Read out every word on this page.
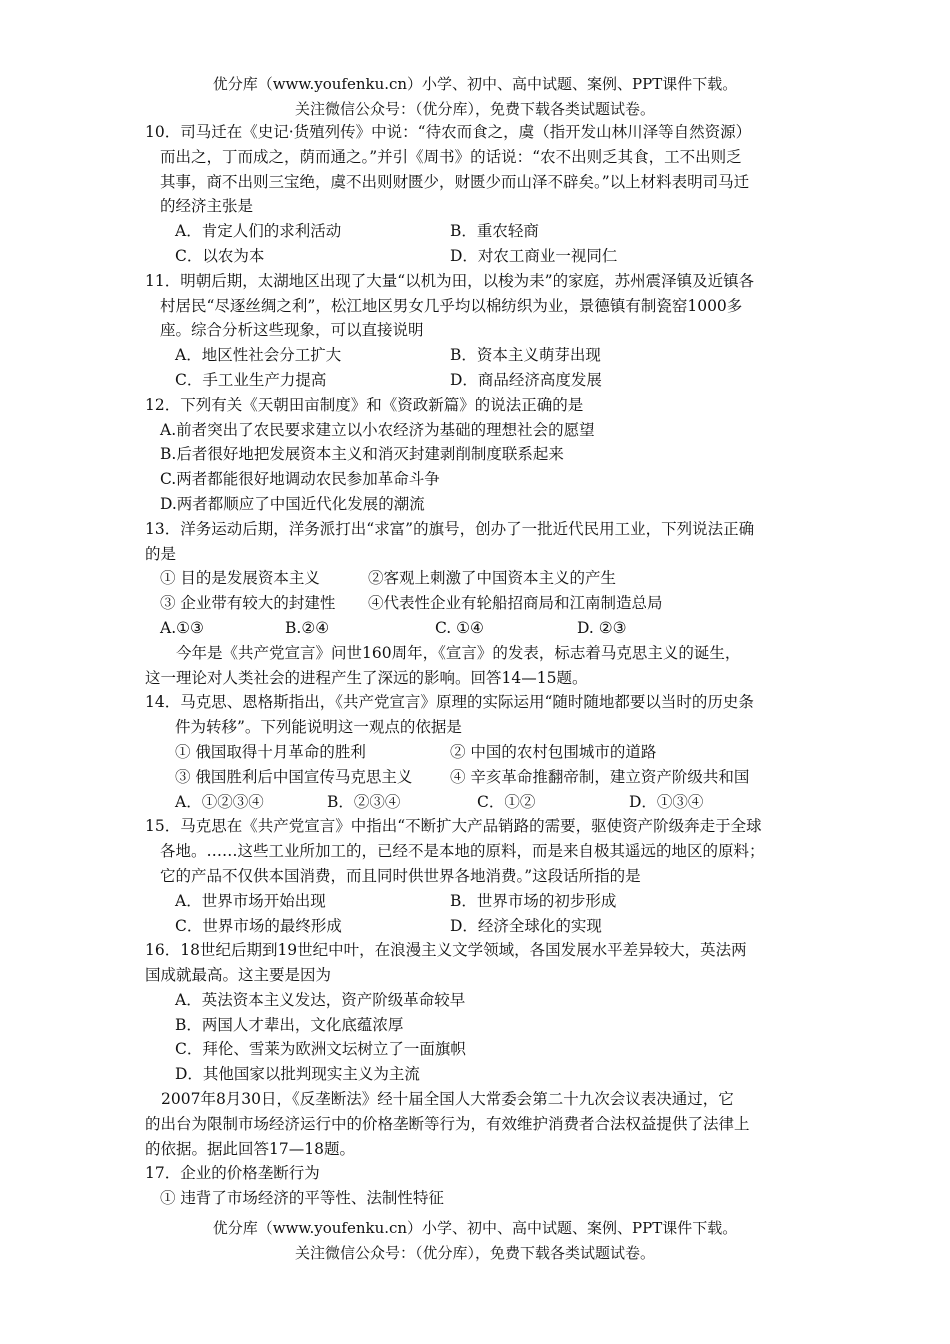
优分库（www.youfenku.cn）小学、初中、高中试题、案例、PPT课件下载。
关注微信公众号：（优分库），免费下载各类试题试卷。

10．司马迁在《史记·货殖列传》中说：“待农而食之，虞（指开发山林川泽等自然资源）

而出之，丁而成之，荫而通之。”并引《周书》的话说：“农不出则乏其食，工不出则乏

其事，商不出则三宝绝，虞不出则财匮少，财匮少而山泽不辟矣。”以上材料表明司马迁

的经济主张是

A．肯定人们的求利活动	B．重农轻商
C．以农为本	D．对农工商业一视同仁

11．明朝后期，太湖地区出现了大量“以机为田，以梭为耒”的家庭，苏州震泽镇及近镇各

村居民“尽逐丝绸之利”，松江地区男女几乎均以棉纺织为业，景德镇有制瓷窑1000多

座。综合分析这些现象，可以直接说明

A．地区性社会分工扩大	B．资本主义萌芽出现
C．手工业生产力提高	D．商品经济高度发展

12．下列有关《天朝田亩制度》和《资政新篇》的说法正确的是

A.前者突出了农民要求建立以小农经济为基础的理想社会的愿望

B.后者很好地把发展资本主义和消灭封建剥削制度联系起来

C.两者都能很好地调动农民参加革命斗争

D.两者都顺应了中国近代化发展的潮流

13．洋务运动后期，洋务派打出“求富”的旗号，创办了一批近代民用工业，下列说法正确

的是

① 目的是发展资本主义	②客观上刺激了中国资本主义的产生
③ 企业带有较大的封建性	④代表性企业有轮船招商局和江南制造总局
A.①③	B.②④	C. ①④	D. ②③

今年是《共产党宣言》问世160周年，《宣言》的发表，标志着马克思主义的诞生，

这一理论对人类社会的进程产生了深远的影响。回答14—15题。

14．马克思、恩格斯指出，《共产党宣言》原理的实际运用“随时随地都要以当时的历史条

件为转移”。下列能说明这一观点的依据是

① 俄国取得十月革命的胜利	② 中国的农村包围城市的道路
③ 俄国胜利后中国宣传马克思主义	④ 辛亥革命推翻帝制，建立资产阶级共和国
A．①②③④	B．②③④	C．①②	D．①③④

15．马克思在《共产党宣言》中指出“不断扩大产品销路的需要，驱使资产阶级奔走于全球

各地。……这些工业所加工的，已经不是本地的原料，而是来自极其遥远的地区的原料；

它的产品不仅供本国消费，而且同时供世界各地消费。”这段话所指的是

A．世界市场开始出现	B．世界市场的初步形成
C．世界市场的最终形成	D．经济全球化的实现

16．18世纪后期到19世纪中叶，在浪漫主义文学领域，各国发展水平差异较大，英法两

国成就最高。这主要是因为

A．英法资本主义发达，资产阶级革命较早

B．两国人才辈出，文化底蕴浓厚

C．拜伦、雪莱为欧洲文坛树立了一面旗帜

D．其他国家以批判现实主义为主流

2007年8月30日，《反垄断法》经十届全国人大常委会第二十九次会议表决通过，它

的出台为限制市场经济运行中的价格垄断等行为，有效维护消费者合法权益提供了法律上

的依据。据此回答17—18题。

17．企业的价格垄断行为

① 违背了市场经济的平等性、法制性特征

优分库（www.youfenku.cn）小学、初中、高中试题、案例、PPT课件下载。
关注微信公众号：（优分库），免费下载各类试题试卷。
